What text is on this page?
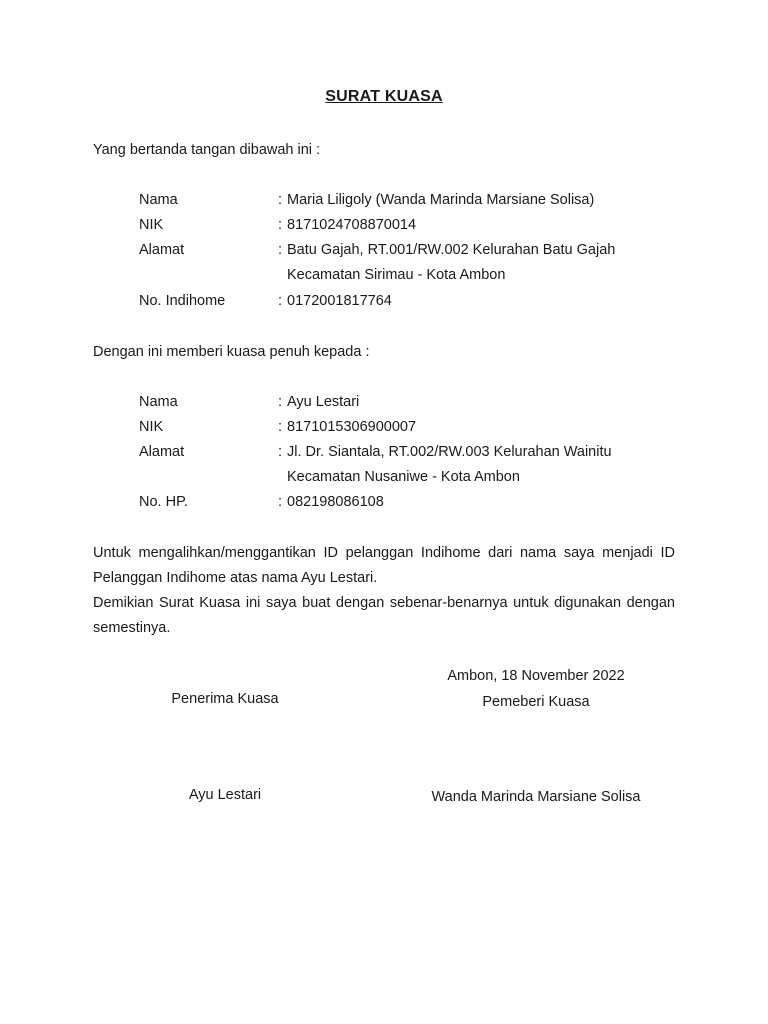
SURAT KUASA
Yang bertanda tangan dibawah ini :
Nama	: Maria Liligoly (Wanda Marinda Marsiane Solisa)
NIK	: 8171024708870014
Alamat	: Batu Gajah, RT.001/RW.002 Kelurahan Batu Gajah
Kecamatan Sirimau - Kota Ambon
No. Indihome	: 0172001817764
Dengan ini memberi kuasa penuh kepada :
Nama	: Ayu Lestari
NIK	: 8171015306900007
Alamat	: Jl. Dr. Siantala, RT.002/RW.003 Kelurahan Wainitu
Kecamatan Nusaniwe - Kota Ambon
No. HP.	: 082198086108
Untuk mengalihkan/menggantikan ID pelanggan Indihome dari nama saya menjadi ID Pelanggan Indihome atas nama Ayu Lestari.
Demikian Surat Kuasa ini saya buat dengan sebenar-benarnya untuk digunakan dengan semestinya.
Ambon, 18 November 2022
Penerima Kuasa	Pemeberi Kuasa
Ayu Lestari	Wanda Marinda Marsiane Solisa
